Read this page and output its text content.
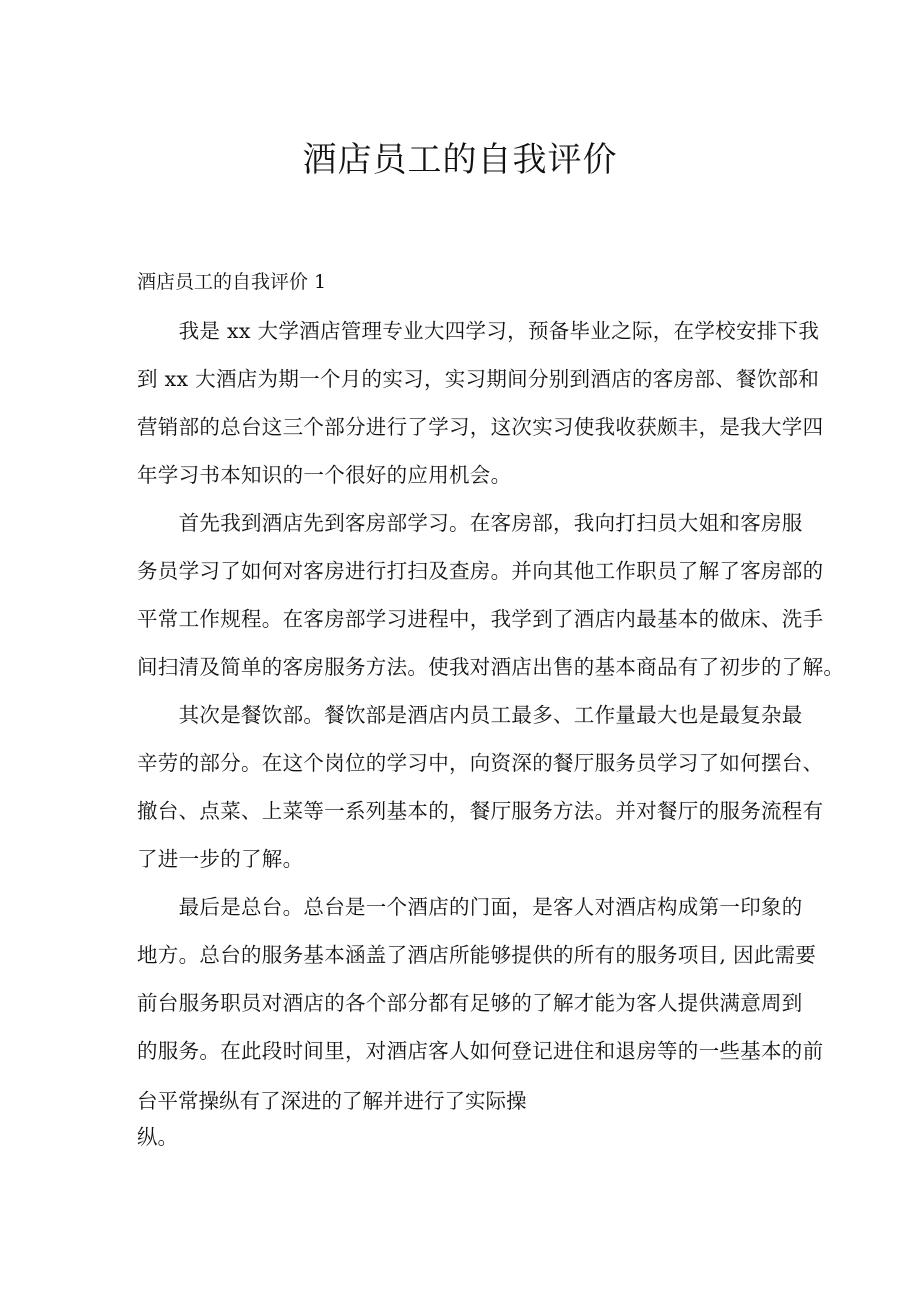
酒店员工的自我评价
酒店员工的自我评价 1
　　我是 xx 大学酒店管理专业大四学习，预备毕业之际，在学校安排下我
到 xx 大酒店为期一个月的实习，实习期间分别到酒店的客房部、餐饮部和
营销部的总台这三个部分进行了学习，这次实习使我收获颇丰，是我大学四
年学习书本知识的一个很好的应用机会。
　　首先我到酒店先到客房部学习。在客房部，我向打扫员大姐和客房服
务员学习了如何对客房进行打扫及查房。并向其他工作职员了解了客房部的
平常工作规程。在客房部学习进程中，我学到了酒店内最基本的做床、洗手
间扫清及简单的客房服务方法。使我对酒店出售的基本商品有了初步的了解。
　　其次是餐饮部。餐饮部是酒店内员工最多、工作量最大也是最复杂最
辛劳的部分。在这个岗位的学习中，向资深的餐厅服务员学习了如何摆台、
撤台、点菜、上菜等一系列基本的，餐厅服务方法。并对餐厅的服务流程有
了进一步的了解。
　　最后是总台。总台是一个酒店的门面，是客人对酒店构成第一印象的
地方。总台的服务基本涵盖了酒店所能够提供的所有的服务项目, 因此需要
前台服务职员对酒店的各个部分都有足够的了解才能为客人提供满意周到
的服务。在此段时间里，对酒店客人如何登记进住和退房等的一些基本的前
台平常操纵有了深进的了解并进行了实际操
纵。
